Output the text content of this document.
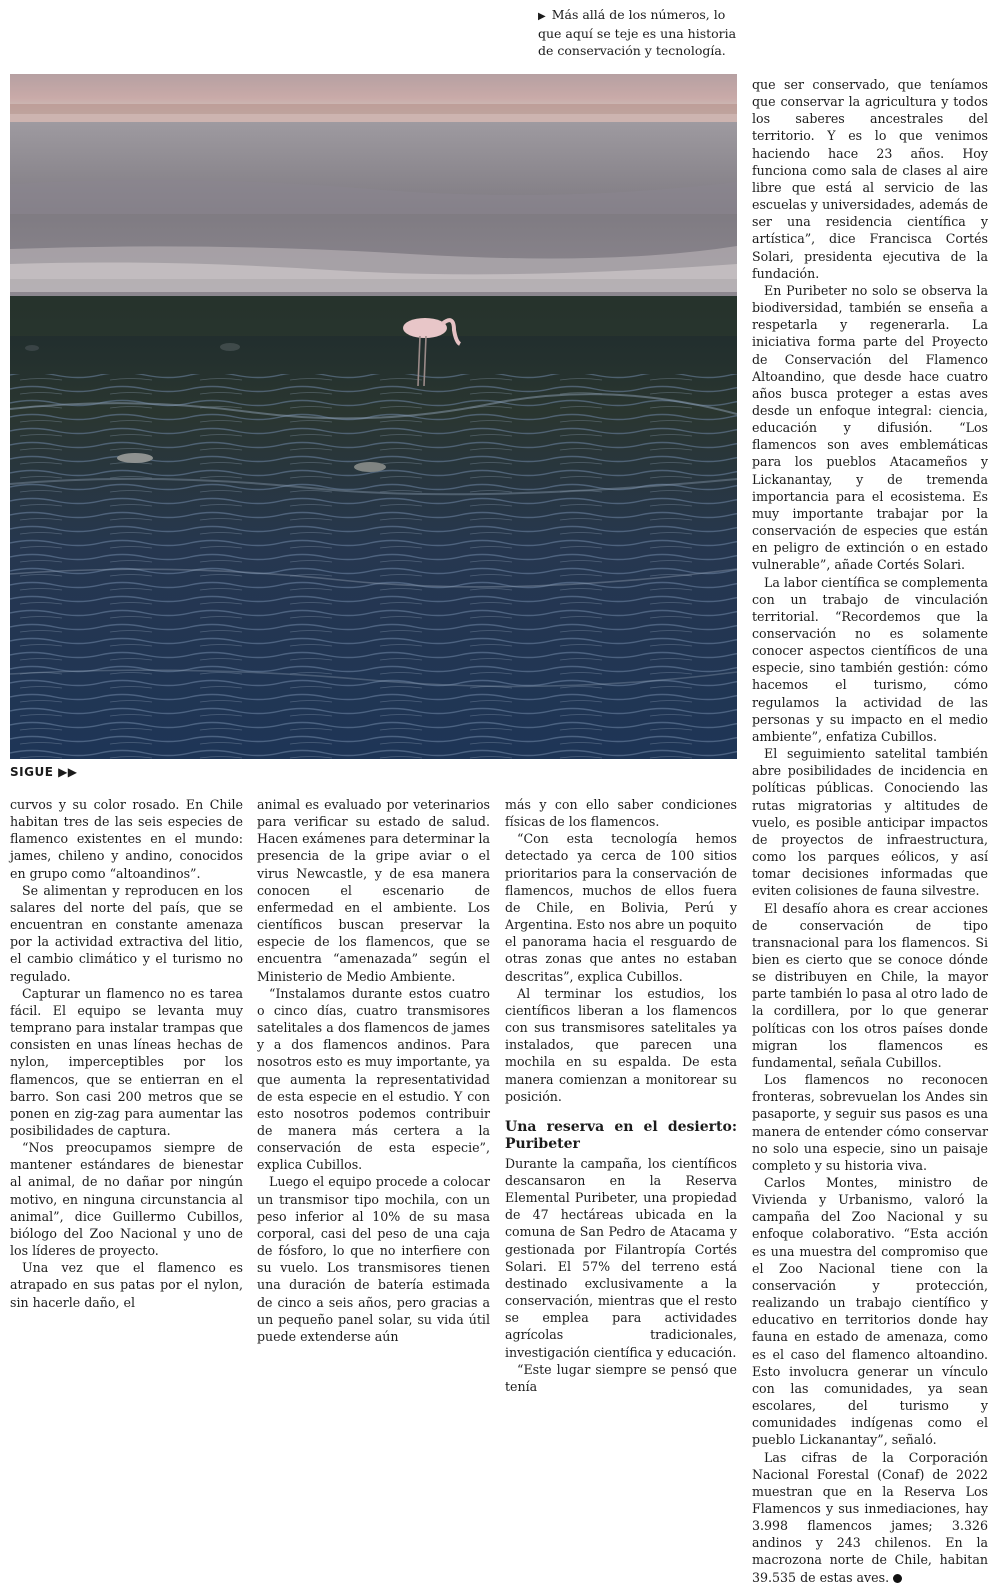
▶ Más allá de los números, lo que aquí se teje es una historia de conservación y tecnología.
SIGUE ▶▶

curvos y su color rosado. En Chile habitan tres de las seis especies de flamenco existentes en el mundo: james, chileno y andino, conocidos en grupo como “altoandinos”.

Se alimentan y reproducen en los salares del norte del país, que se encuentran en constante amenaza por la actividad extractiva del litio, el cambio climático y el turismo no regulado.

Capturar un flamenco no es tarea fácil. El equipo se levanta muy temprano para instalar trampas que consisten en unas líneas hechas de nylon, imperceptibles por los flamencos, que se entierran en el barro. Son casi 200 metros que se ponen en zig-zag para aumentar las posibilidades de captura.

“Nos preocupamos siempre de mantener estándares de bienestar al animal, de no dañar por ningún motivo, en ninguna circunstancia al animal”, dice Guillermo Cubillos, biólogo del Zoo Nacional y uno de los líderes de proyecto.

Una vez que el flamenco es atrapado en sus patas por el nylon, sin hacerle daño, el

animal es evaluado por veterinarios para verificar su estado de salud. Hacen exámenes para determinar la presencia de la gripe aviar o el virus Newcastle, y de esa manera conocen el escenario de enfermedad en el ambiente. Los científicos buscan preservar la especie de los flamencos, que se encuentra “amenazada” según el Ministerio de Medio Ambiente.

“Instalamos durante estos cuatro o cinco días, cuatro transmisores satelitales a dos flamencos de james y a dos flamencos andinos. Para nosotros esto es muy importante, ya que aumenta la representatividad de esta especie en el estudio. Y con esto nosotros podemos contribuir de manera más certera a la conservación de esta especie”, explica Cubillos.

Luego el equipo procede a colocar un transmisor tipo mochila, con un peso inferior al 10% de su masa corporal, casi del peso de una caja de fósforo, lo que no interfiere con su vuelo. Los transmisores tienen una duración de batería estimada de cinco a seis años, pero gracias a un pequeño panel solar, su vida útil puede extenderse aún

más y con ello saber condiciones físicas de los flamencos.

“Con esta tecnología hemos detectado ya cerca de 100 sitios prioritarios para la conservación de flamencos, muchos de ellos fuera de Chile, en Bolivia, Perú y Argentina. Esto nos abre un poquito el panorama hacia el resguardo de otras zonas que antes no estaban descritas”, explica Cubillos.

Al terminar los estudios, los científicos liberan a los flamencos con sus transmisores satelitales ya instalados, que parecen una mochila en su espalda. De esta manera comienzan a monitorear su posición.

Una reserva en el desierto: Puribeter

Durante la campaña, los científicos descansaron en la Reserva Elemental Puribeter, una propiedad de 47 hectáreas ubicada en la comuna de San Pedro de Atacama y gestionada por Filantropía Cortés Solari. El 57% del terreno está destinado exclusivamente a la conservación, mientras que el resto se emplea para actividades agrícolas tradicionales, investigación científica y educación.

“Este lugar siempre se pensó que tenía

que ser conservado, que teníamos que conservar la agricultura y todos los saberes ancestrales del territorio. Y es lo que venimos haciendo hace 23 años. Hoy funciona como sala de clases al aire libre que está al servicio de las escuelas y universidades, además de ser una residencia científica y artística”, dice Francisca Cortés Solari, presidenta ejecutiva de la fundación.

En Puribeter no solo se observa la biodiversidad, también se enseña a respetarla y regenerarla. La iniciativa forma parte del Proyecto de Conservación del Flamenco Altoandino, que desde hace cuatro años busca proteger a estas aves desde un enfoque integral: ciencia, educación y difusión. “Los flamencos son aves emblemáticas para los pueblos Atacameños y Lickanantay, y de tremenda importancia para el ecosistema. Es muy importante trabajar por la conservación de especies que están en peligro de extinción o en estado vulnerable”, añade Cortés Solari.

La labor científica se complementa con un trabajo de vinculación territorial. “Recordemos que la conservación no es solamente conocer aspectos científicos de una especie, sino también gestión: cómo hacemos el turismo, cómo regulamos la actividad de las personas y su impacto en el medio ambiente”, enfatiza Cubillos.

El seguimiento satelital también abre posibilidades de incidencia en políticas públicas. Conociendo las rutas migratorias y altitudes de vuelo, es posible anticipar impactos de proyectos de infraestructura, como los parques eólicos, y así tomar decisiones informadas que eviten colisiones de fauna silvestre.

El desafío ahora es crear acciones de conservación de tipo transnacional para los flamencos. Si bien es cierto que se conoce dónde se distribuyen en Chile, la mayor parte también lo pasa al otro lado de la cordillera, por lo que generar políticas con los otros países donde migran los flamencos es fundamental, señala Cubillos.

Los flamencos no reconocen fronteras, sobrevuelan los Andes sin pasaporte, y seguir sus pasos es una manera de entender cómo conservar no solo una especie, sino un paisaje completo y su historia viva.

Carlos Montes, ministro de Vivienda y Urbanismo, valoró la campaña del Zoo Nacional y su enfoque colaborativo. “Esta acción es una muestra del compromiso que el Zoo Nacional tiene con la conservación y protección, realizando un trabajo científico y educativo en territorios donde hay fauna en estado de amenaza, como es el caso del flamenco altoandino. Esto involucra generar un vínculo con las comunidades, ya sean escolares, del turismo y comunidades indígenas como el pueblo Lickanantay”, señaló.

Las cifras de la Corporación Nacional Forestal (Conaf) de 2022 muestran que en la Reserva Los Flamencos y sus inmediaciones, hay 3.998 flamencos james; 3.326 andinos y 243 chilenos. En la macrozona norte de Chile, habitan 39.535 de estas aves.
